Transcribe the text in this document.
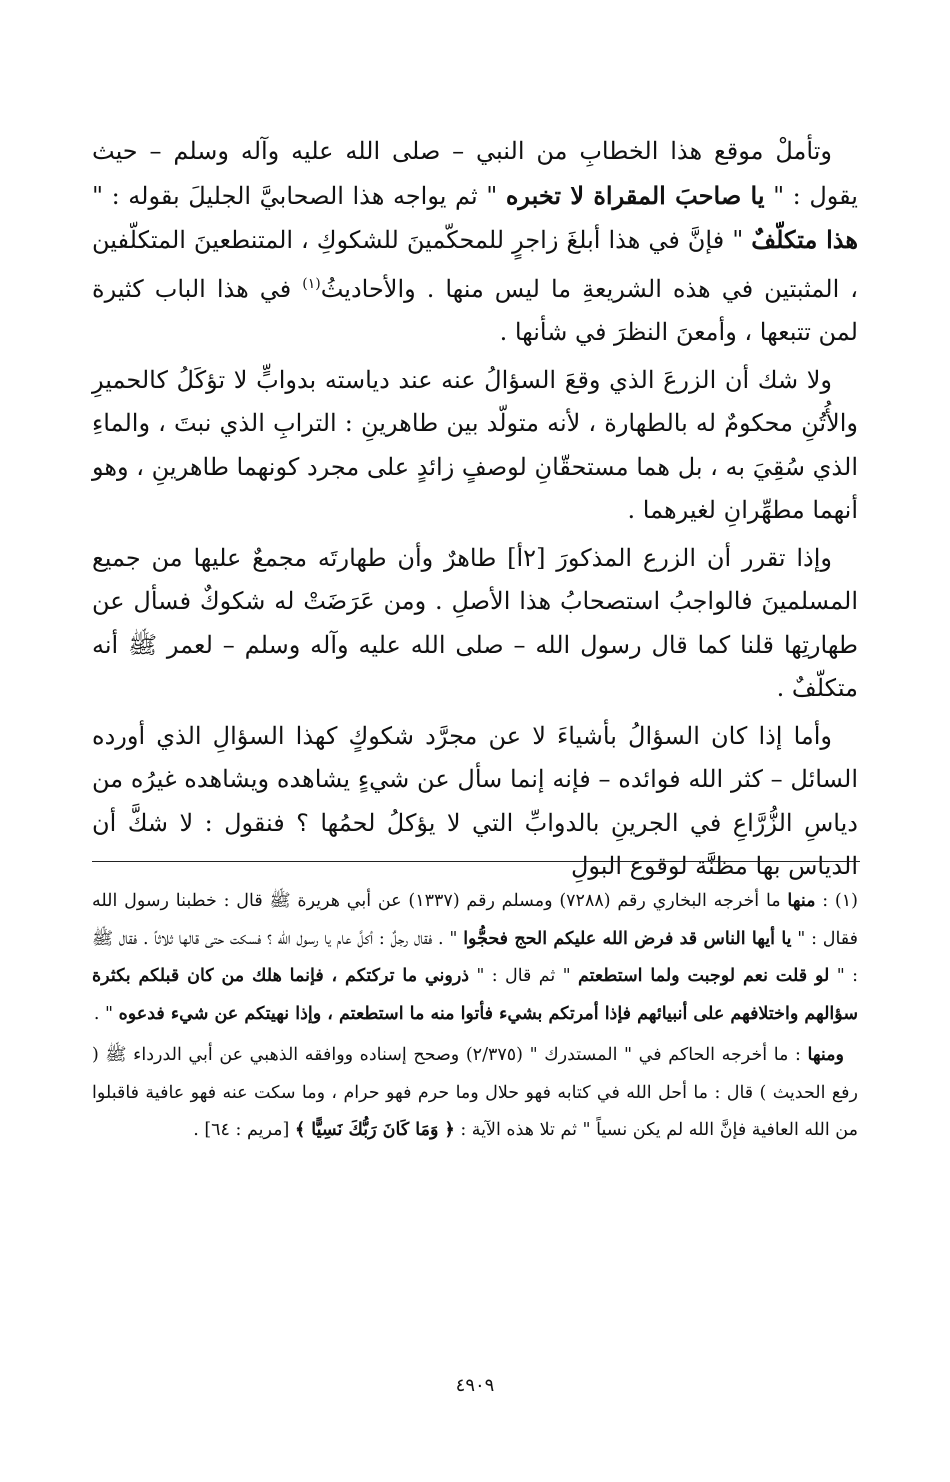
وتأملْ موقع هذا الخطابِ من النبي – صلى الله عليه وآله وسلم – حيث يقول : " يا صاحبَ المقراة لا تخبره " ثم يواجه هذا الصحابيَّ الجليلَ بقوله : " هذا متكلّفٌ " فإنَّ في هذا أبلغَ زاجرٍ للمحكّمينَ للشكوكِ ، المتنطعينَ المتكلّفين ، المثبتين في هذه الشريعةِ ما ليس منها . والأحاديثُ$^{(١)}$ في هذا الباب كثيرة لمن تتبعها ، وأمعنَ النظرَ في شأنها .

ولا شك أن الزرعَ الذي وقعَ السؤالُ عنه عند دياسته بدوابٍّ لا تؤكَلُ كالحميرِ والأُتُنِ محكومٌ له بالطهارة ، لأنه متولّد بين طاهرينِ : الترابِ الذي نبتَ ، والماءِ الذي سُقِيَ به ، بل هما مستحقّانِ لوصفٍ زائدٍ على مجرد كونهما طاهرينِ ، وهو أنهما مطهِّرانِ لغيرهما .

وإذا تقرر أن الزرع المذكورَ [٢أ] طاهرٌ وأن طهارتَه مجمعٌ عليها من جميع المسلمينَ فالواجبُ استصحابُ هذا الأصلِ . ومن عَرَضَتْ له شكوكٌ فسأل عن طهارتِها قلنا كما قال رسول الله – صلى الله عليه وآله وسلم – لعمر ﷺ أنه متكلّفٌ .

وأما إذا كان السؤالُ بأشياءَ لا عن مجرَّد شكوكٍ كهذا السؤالِ الذي أورده السائل – كثر الله فوائده – فإنه إنما سأل عن شيءٍ يشاهده ويشاهده غيرُه من دياسِ الزُّرَّاعِ في الجرينِ بالدوابِّ التي لا يؤكلُ لحمُها ؟ فنقول : لا شكَّ أن الدياس بها مظنَّة لوقوع البولِ

(١) : منها ما أخرجه البخاري رقم (٧٢٨٨) ومسلم رقم (١٣٣٧) عن أبي هريرة ﷺ قال : خطبنا رسول الله فقال : " يا أيها الناس قد فرض الله عليكم الحج فحجُّوا " . فقال رجلٌ : أكلَّ عام يا رسول الله ؟ فسكت حتى قالها ثلاثاً . فقال ﷺ : " لو قلت نعم لوجبت ولما استطعتم " ثم قال : " ذروني ما تركتكم ، فإنما هلك من كان قبلكم بكثرة سؤالهم واختلافهم على أنبيائهم فإذا أمرتكم بشيء فأتوا منه ما استطعتم ، وإذا نهيتكم عن شيء فدعوه " .

ومنها : ما أخرجه الحاكم في " المستدرك " (٢/٣٧٥) وصحح إسناده ووافقه الذهبي عن أبي الدرداء ﷺ ( رفع الحديث ) قال : ما أحل الله في كتابه فهو حلال وما حرم فهو حرام ، وما سكت عنه فهو عافية فاقبلوا من الله العافية فإنَّ الله لم يكن نسياً " ثم تلا هذه الآية : ﴿ وَمَا كَانَ رَبُّكَ نَسِيًّا ﴾ [مريم : ٦٤] .

٤٩٠٩
